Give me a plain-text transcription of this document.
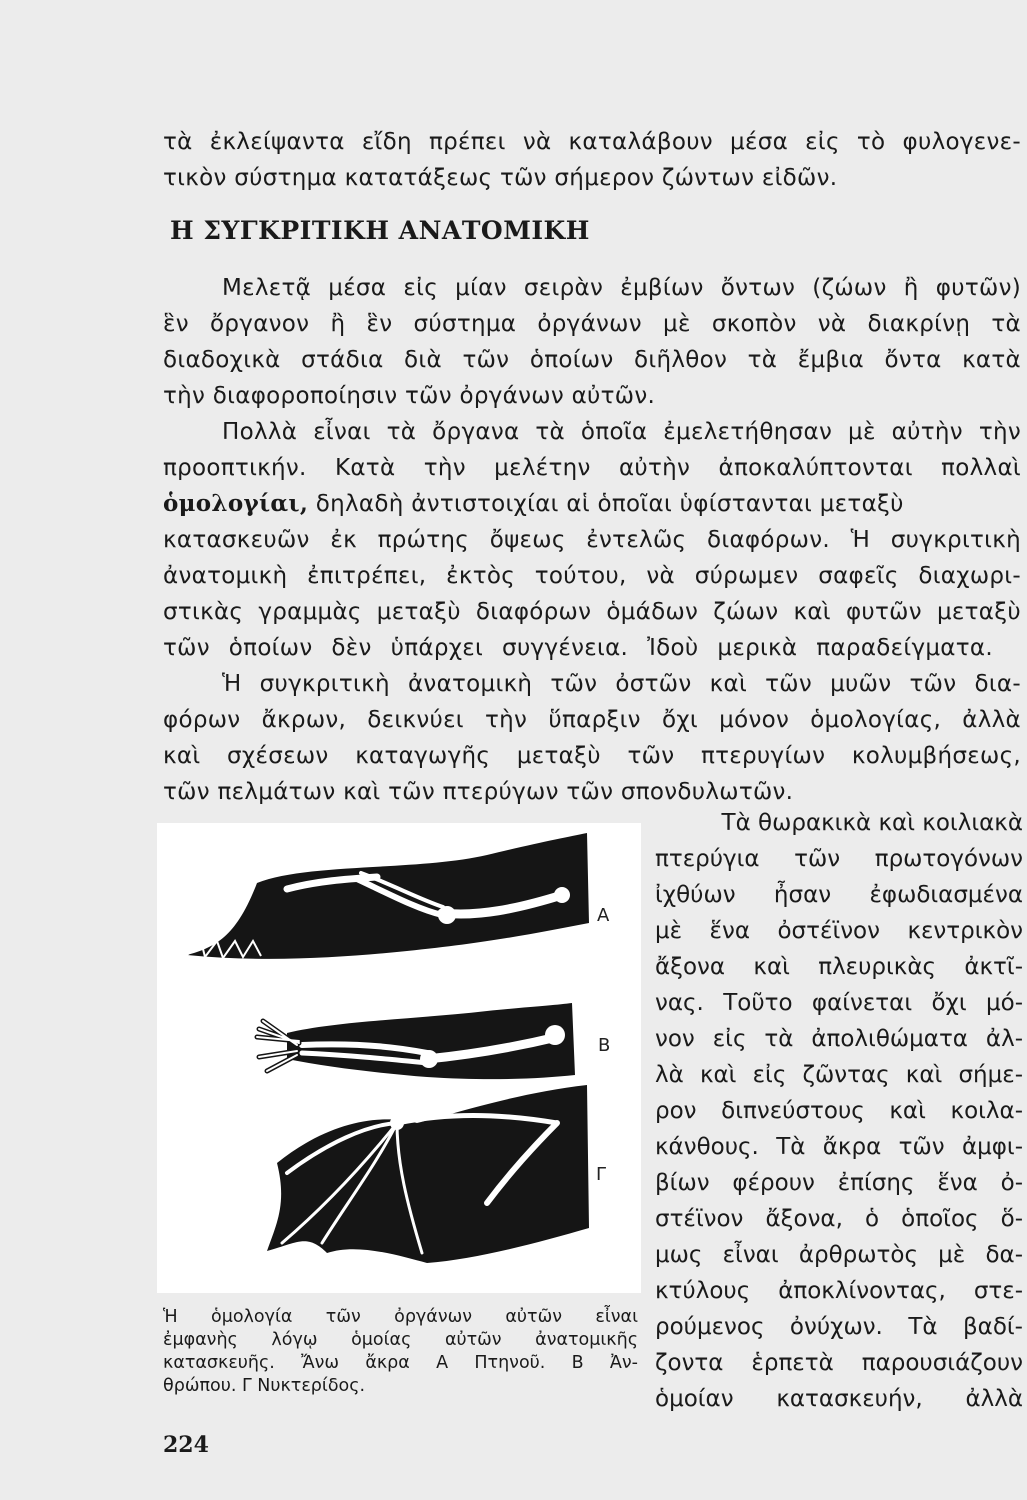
τὰ ἐκλείψαντα εἴδη πρέπει νὰ καταλάβουν μέσα εἰς τὸ φυλογενε-
τικὸν σύστημα κατατάξεως τῶν σήμερον ζώντων εἰδῶν.
Η ΣΥΓΚΡΙΤΙΚΗ ΑΝΑΤΟΜΙΚΗ
Μελετᾷ μέσα εἰς μίαν σειρὰν ἐμβίων ὄντων (ζώων ἢ φυτῶν)
ἓν ὄργανον ἢ ἓν σύστημα ὀργάνων μὲ σκοπὸν νὰ διακρίνῃ τὰ
διαδοχικὰ στάδια διὰ τῶν ὁποίων διῆλθον τὰ ἔμβια ὄντα κατὰ
τὴν διαφοροποίησιν τῶν ὀργάνων αὐτῶν.
Πολλὰ εἶναι τὰ ὄργανα τὰ ὁποῖα ἐμελετήθησαν μὲ αὐτὴν τὴν
προοπτικήν. Κατὰ τὴν μελέτην αὐτὴν ἀποκαλύπτονται πολλαὶ
ὁμολογίαι, δηλαδὴ ἀντιστοιχίαι αἱ ὁποῖαι ὑφίστανται μεταξὺ
κατασκευῶν ἐκ πρώτης ὄψεως ἐντελῶς διαφόρων. Ἡ συγκριτικὴ
ἀνατομικὴ ἐπιτρέπει, ἐκτὸς τούτου, νὰ σύρωμεν σαφεῖς διαχωρι-
στικὰς γραμμὰς μεταξὺ διαφόρων ὁμάδων ζώων καὶ φυτῶν μεταξὺ
τῶν ὁποίων δὲν ὑπάρχει συγγένεια. Ἰδοὺ μερικὰ παραδείγματα.
Ἡ συγκριτικὴ ἀνατομικὴ τῶν ὀστῶν καὶ τῶν μυῶν τῶν δια-
φόρων ἄκρων, δεικνύει τὴν ὕπαρξιν ὄχι μόνον ὁμολογίας, ἀλλὰ
καὶ σχέσεων καταγωγῆς μεταξὺ τῶν πτερυγίων κολυμβήσεως,
τῶν πελμάτων καὶ τῶν πτερύγων τῶν σπονδυλωτῶν.
Τὰ θωρακικὰ καὶ κοιλιακὰ
πτερύγια τῶν πρωτογόνων
ἰχθύων ἦσαν ἐφωδιασμένα
μὲ ἕνα ὀστέϊνον κεντρικὸν
ἄξονα καὶ πλευρικὰς ἀκτῖ-
νας. Τοῦτο φαίνεται ὄχι μό-
νον εἰς τὰ ἀπολιθώματα ἀλ-
λὰ καὶ εἰς ζῶντας καὶ σήμε-
ρον διπνεύστους καὶ κοιλα-
κάνθους. Τὰ ἄκρα τῶν ἀμφι-
βίων φέρουν ἐπίσης ἕνα ὀ-
στέϊνον ἄξονα, ὁ ὁποῖος ὅ-
μως εἶναι ἀρθρωτὸς μὲ δα-
κτύλους ἀποκλίνοντας, στε-
ρούμενος ὀνύχων. Τὰ βαδί-
ζοντα ἑρπετὰ παρουσιάζουν
ὁμοίαν κατασκευήν, ἀλλὰ
A
B
Γ
Ἡ ὁμολογία τῶν ὀργάνων αὐτῶν εἶναι
ἐμφανὴς λόγῳ ὁμοίας αὐτῶν ἀνατομικῆς
κατασκευῆς. Ἄνω ἄκρα Α Πτηνοῦ. Β Ἀν-
θρώπου. Γ Νυκτερίδος.
224
